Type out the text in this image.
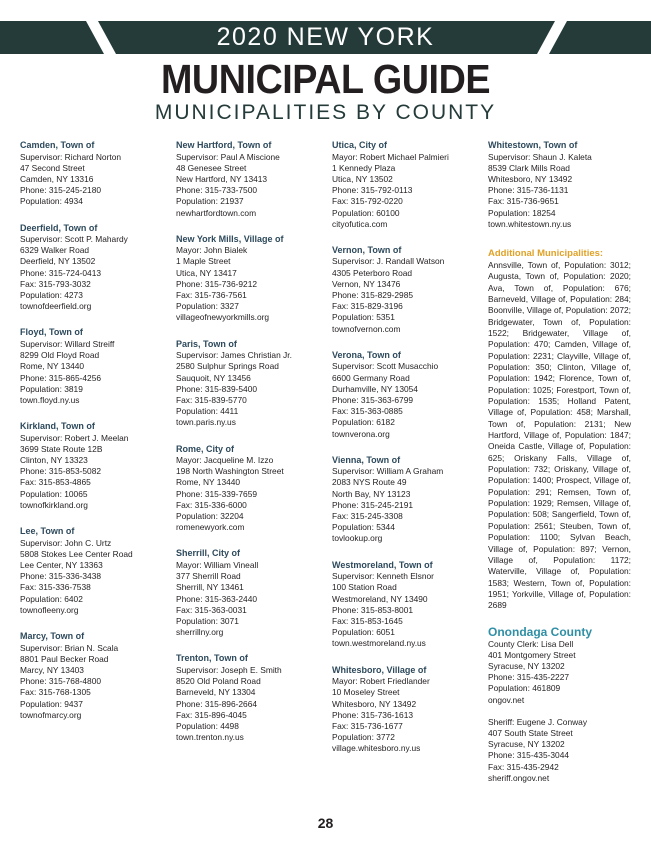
2020 NEW YORK
MUNICIPAL GUIDE
MUNICIPALITIES BY COUNTY
Camden, Town of
Supervisor: Richard Norton
47 Second Street
Camden, NY 13316
Phone: 315-245-2180
Population: 4934
Deerfield, Town of
Supervisor: Scott P. Mahardy
6329 Walker Road
Deerfield, NY 13502
Phone: 315-724-0413
Fax: 315-793-3032
Population: 4273
townofdeerfield.org
Floyd, Town of
Supervisor: Willard Streiff
8299 Old Floyd Road
Rome, NY 13440
Phone: 315-865-4256
Population: 3819
town.floyd.ny.us
Kirkland, Town of
Supervisor: Robert J. Meelan
3699 State Route 12B
Clinton, NY 13323
Phone: 315-853-5082
Fax: 315-853-4865
Population: 10065
townofkirkland.org
Lee, Town of
Supervisor: John C. Urtz
5808 Stokes Lee Center Road
Lee Center, NY 13363
Phone: 315-336-3438
Fax: 315-336-7538
Population: 6402
townofleeny.org
Marcy, Town of
Supervisor: Brian N. Scala
8801 Paul Becker Road
Marcy, NY 13403
Phone: 315-768-4800
Fax: 315-768-1305
Population: 9437
townofmarcy.org
New Hartford, Town of
Supervisor: Paul A Miscione
48 Genesee Street
New Hartford, NY 13413
Phone: 315-733-7500
Population: 21937
newhartfordtown.com
New York Mills, Village of
Mayor: John Bialek
1 Maple Street
Utica, NY 13417
Phone: 315-736-9212
Fax: 315-736-7561
Population: 3327
villageofnewyorkmills.org
Paris, Town of
Supervisor: James Christian Jr.
2580 Sulphur Springs Road
Sauquoit, NY 13456
Phone: 315-839-5400
Fax: 315-839-5770
Population: 4411
town.paris.ny.us
Rome, City of
Mayor: Jacqueline M. Izzo
198 North Washington Street
Rome, NY 13440
Phone: 315-339-7659
Fax: 315-336-6000
Population: 32204
romenewyork.com
Sherrill, City of
Mayor: William Vineall
377 Sherrill Road
Sherrill, NY 13461
Phone: 315-363-2440
Fax: 315-363-0031
Population: 3071
sherrillny.org
Trenton, Town of
Supervisor: Joseph E. Smith
8520 Old Poland Road
Barneveld, NY 13304
Phone: 315-896-2664
Fax: 315-896-4045
Population: 4498
town.trenton.ny.us
Utica, City of
Mayor: Robert Michael Palmieri
1 Kennedy Plaza
Utica, NY 13502
Phone: 315-792-0113
Fax: 315-792-0220
Population: 60100
cityofutica.com
Vernon, Town of
Supervisor: J. Randall Watson
4305 Peterboro Road
Vernon, NY 13476
Phone: 315-829-2985
Fax: 315-829-3196
Population: 5351
townofvernon.com
Verona, Town of
Supervisor: Scott Musacchio
6600 Germany Road
Durhamville, NY 13054
Phone: 315-363-6799
Fax: 315-363-0885
Population: 6182
townverona.org
Vienna, Town of
Supervisor: William A Graham
2083 NYS Route 49
North Bay, NY 13123
Phone: 315-245-2191
Fax: 315-245-3308
Population: 5344
tovlookup.org
Westmoreland, Town of
Supervisor: Kenneth Elsnor
100 Station Road
Westmoreland, NY 13490
Phone: 315-853-8001
Fax: 315-853-1645
Population: 6051
town.westmoreland.ny.us
Whitesboro, Village of
Mayor: Robert Friedlander
10 Moseley Street
Whitesboro, NY 13492
Phone: 315-736-1613
Fax: 315-736-1677
Population: 3772
village.whitesboro.ny.us
Whitestown, Town of
Supervisor: Shaun J. Kaleta
8539 Clark Mills Road
Whitesboro, NY 13492
Phone: 315-736-1131
Fax: 315-736-9651
Population: 18254
town.whitestown.ny.us
Additional Municipalities:
Annsville, Town of, Population: 3012; Augusta, Town of, Population: 2020; Ava, Town of, Population: 676; Barneveld, Village of, Population: 284; Boonville, Village of, Population: 2072; Bridgewater, Town of, Population: 1522; Bridgewater, Village of, Population: 470; Camden, Village of, Population: 2231; Clayville, Village of, Population: 350; Clinton, Village of, Population: 1942; Florence, Town of, Population: 1025; Forestport, Town of, Population: 1535; Holland Patent, Village of, Population: 458; Marshall, Town of, Population: 2131; New Hartford, Village of, Population: 1847; Oneida Castle, Village of, Population: 625; Oriskany Falls, Village of, Population: 732; Oriskany, Village of, Population: 1400; Prospect, Village of, Population: 291; Remsen, Town of, Population: 1929; Remsen, Village of, Population: 508; Sangerfield, Town of, Population: 2561; Steuben, Town of, Population: 1100; Sylvan Beach, Village of, Population: 897; Vernon, Village of, Population: 1172; Waterville, Village of, Population: 1583; Western, Town of, Population: 1951; Yorkville, Village of, Population: 2689
Onondaga County
County Clerk: Lisa Dell
401 Montgomery Street
Syracuse, NY 13202
Phone: 315-435-2227
Population: 461809
ongov.net
Sheriff: Eugene J. Conway
407 South State Street
Syracuse, NY 13202
Phone: 315-435-3044
Fax: 315-435-2942
sheriff.ongov.net
28
